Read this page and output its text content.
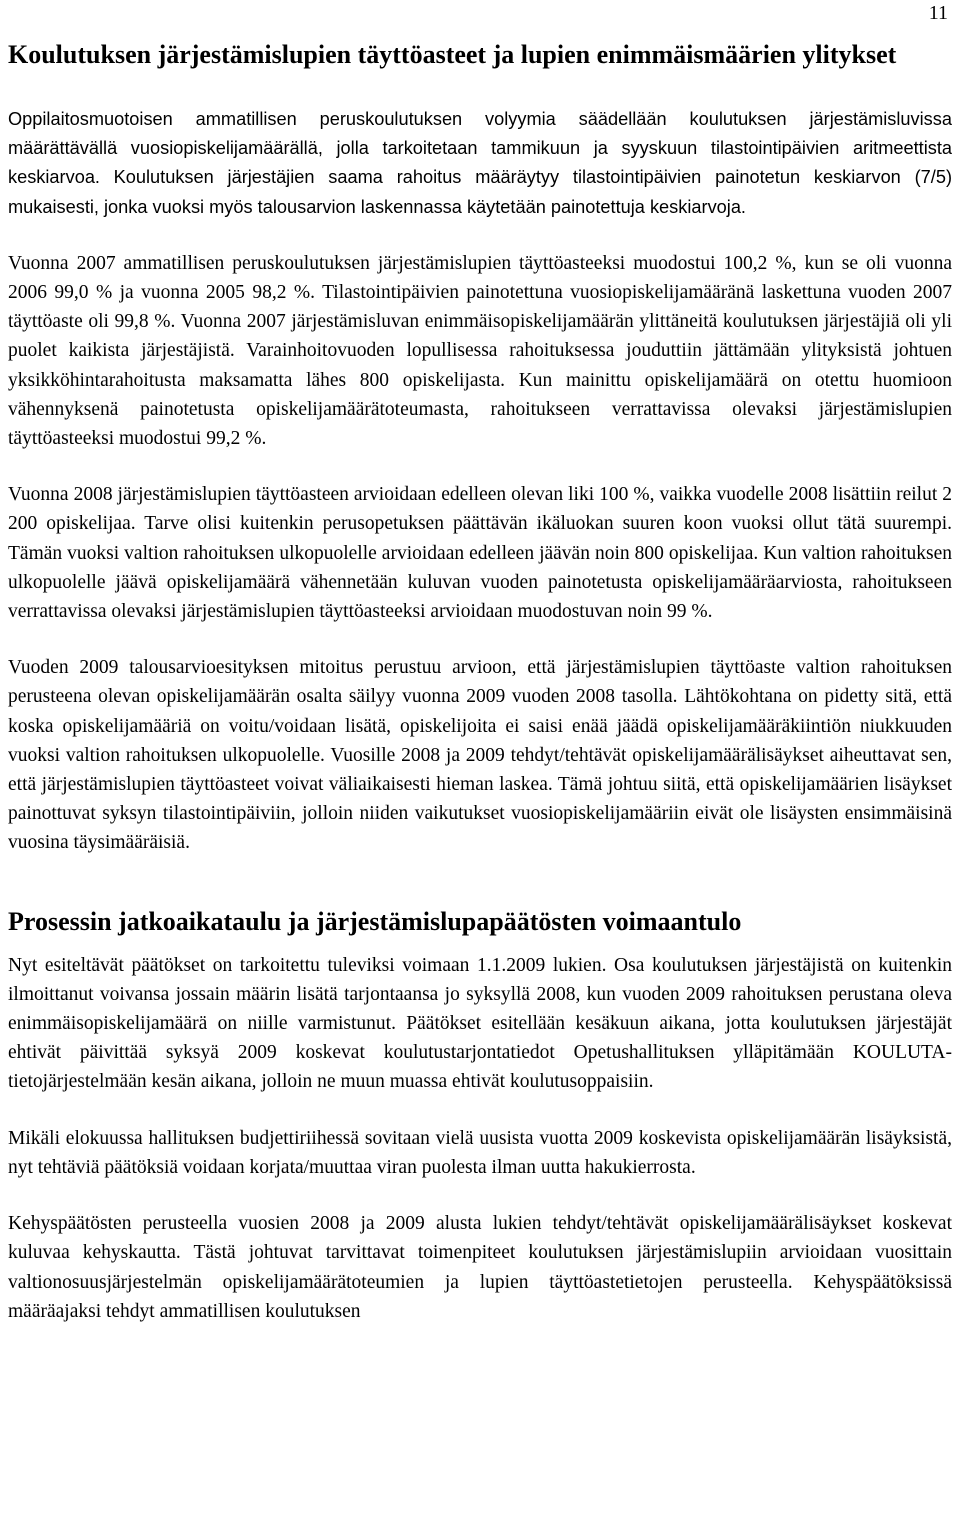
11
Koulutuksen järjestämislupien täyttöasteet ja lupien enimmäismäärien ylitykset

Oppilaitosmuotoisen ammatillisen peruskoulutuksen volyymia säädellään koulutuksen järjestämisluvissa määrättävällä vuosiopiskelijamäärällä, jolla tarkoitetaan tammikuun ja syyskuun tilastointipäivien aritmeettista keskiarvoa. Koulutuksen järjestäjien saama rahoitus määräytyy tilastointipäivien painotetun keskiarvon (7/5) mukaisesti, jonka vuoksi myös talousarvion laskennassa käytetään painotettuja keskiarvoja.

Vuonna 2007 ammatillisen peruskoulutuksen järjestämislupien täyttöasteeksi muodostui 100,2 %, kun se oli vuonna 2006 99,0 % ja vuonna 2005 98,2 %. Tilastointipäivien painotettuna vuosiopiskelijamääränä laskettuna vuoden 2007 täyttöaste oli 99,8 %. Vuonna 2007 järjestämisluvan enimmäisopiskelijamäärän ylittäneitä koulutuksen järjestäjiä oli yli puolet kaikista järjestäjistä. Varainhoitovuoden lopullisessa rahoituksessa jouduttiin jättämään ylityksistä johtuen yksikköhintarahoitusta maksamatta lähes 800 opiskelijasta. Kun mainittu opiskelijamäärä on otettu huomioon vähennyksenä painotetusta opiskelijamäärätoteumasta, rahoitukseen verrattavissa olevaksi järjestämislupien täyttöasteeksi muodostui 99,2 %.

Vuonna 2008 järjestämislupien täyttöasteen arvioidaan edelleen olevan liki 100 %, vaikka vuodelle 2008 lisättiin reilut 2 200 opiskelijaa. Tarve olisi kuitenkin perusopetuksen päättävän ikäluokan suuren koon vuoksi ollut tätä suurempi. Tämän vuoksi valtion rahoituksen ulkopuolelle arvioidaan edelleen jäävän noin 800 opiskelijaa. Kun valtion rahoituksen ulkopuolelle jäävä opiskelijamäärä vähennetään kuluvan vuoden painotetusta opiskelijamääräarviosta, rahoitukseen verrattavissa olevaksi järjestämislupien täyttöasteeksi arvioidaan muodostuvan noin 99 %.

Vuoden 2009 talousarvioesityksen mitoitus perustuu arvioon, että järjestämislupien täyttöaste valtion rahoituksen perusteena olevan opiskelijamäärän osalta säilyy vuonna 2009 vuoden 2008 tasolla. Lähtökohtana on pidetty sitä, että koska opiskelijamääriä on voitu/voidaan lisätä, opiskelijoita ei saisi enää jäädä opiskelijamääräkiintiön niukkuuden vuoksi valtion rahoituksen ulkopuolelle. Vuosille 2008 ja 2009 tehdyt/tehtävät opiskelijamäärälisäykset aiheuttavat sen, että järjestämislupien täyttöasteet voivat väliaikaisesti hieman laskea. Tämä johtuu siitä, että opiskelijamäärien lisäykset painottuvat syksyn tilastointipäiviin, jolloin niiden vaikutukset vuosiopiskelijamääriin eivät ole lisäysten ensimmäisinä vuosina täysimääräisiä.

Prosessin jatkoaikataulu ja järjestämislupapäätösten voimaantulo

Nyt esiteltävät päätökset on tarkoitettu tuleviksi voimaan 1.1.2009 lukien. Osa koulutuksen järjestäjistä on kuitenkin ilmoittanut voivansa jossain määrin lisätä tarjontaansa jo syksyllä 2008, kun vuoden 2009 rahoituksen perustana oleva enimmäisopiskelijamäärä on niille varmistunut. Päätökset esitellään kesäkuun aikana, jotta koulutuksen järjestäjät ehtivät päivittää syksyä 2009 koskevat koulutustarjontatiedot Opetushallituksen ylläpitämään KOULUTA- tietojärjestelmään kesän aikana, jolloin ne muun muassa ehtivät koulutusoppaisiin.

Mikäli elokuussa hallituksen budjettiriihessä sovitaan vielä uusista vuotta 2009 koskevista opiskelijamäärän lisäyksistä, nyt tehtäviä päätöksiä voidaan korjata/muuttaa viran puolesta ilman uutta hakukierrosta.

Kehyspäätösten perusteella vuosien 2008 ja 2009 alusta lukien tehdyt/tehtävät opiskelijamäärälisäykset koskevat kuluvaa kehyskautta. Tästä johtuvat tarvittavat toimenpiteet koulutuksen järjestämislupiin arvioidaan vuosittain valtionosuusjärjestelmän opiskelijamäärätoteumien ja lupien täyttöastetietojen perusteella. Kehyspäätöksissä määräajaksi tehdyt ammatillisen koulutuksen
